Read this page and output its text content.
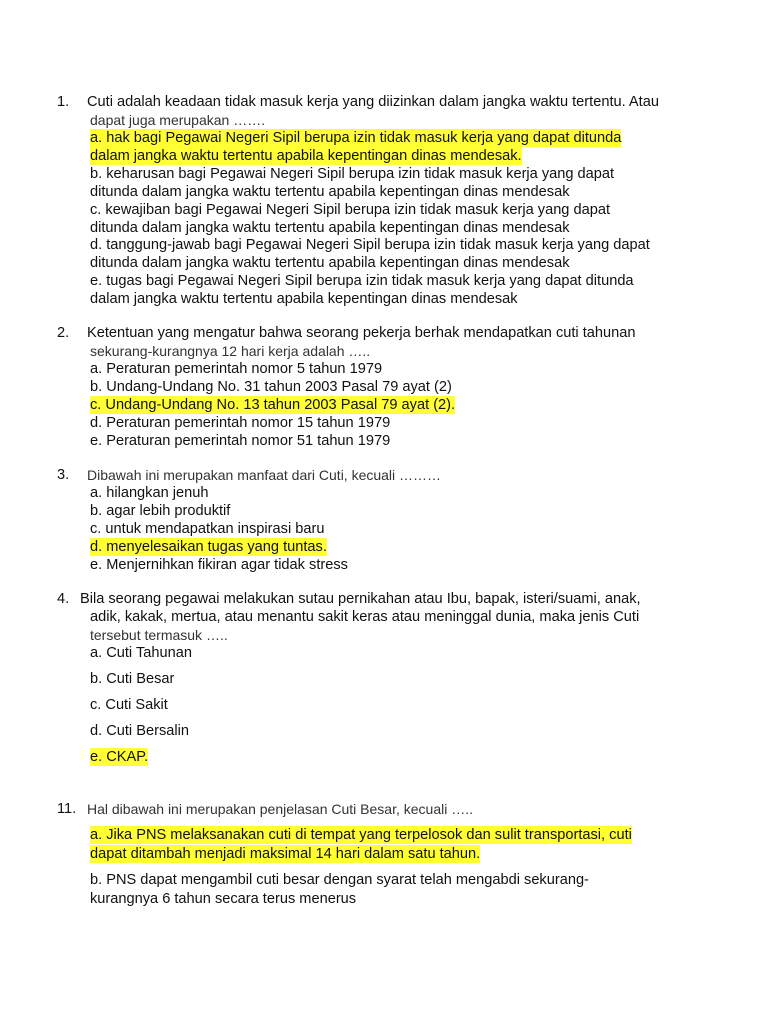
1. Cuti adalah keadaan tidak masuk kerja yang diizinkan dalam jangka waktu tertentu. Atau
dapat juga merupakan …….
a. hak bagi Pegawai Negeri Sipil berupa izin tidak masuk kerja yang dapat ditunda
dalam jangka waktu tertentu apabila kepentingan dinas mendesak.
b. keharusan bagi Pegawai Negeri Sipil berupa izin tidak masuk kerja yang dapat
ditunda dalam jangka waktu tertentu apabila kepentingan dinas mendesak
c. kewajiban bagi Pegawai Negeri Sipil berupa izin tidak masuk kerja yang dapat
ditunda dalam jangka waktu tertentu apabila kepentingan dinas mendesak
d. tanggung-jawab bagi Pegawai Negeri Sipil berupa izin tidak masuk kerja yang dapat
ditunda dalam jangka waktu tertentu apabila kepentingan dinas mendesak
e. tugas bagi Pegawai Negeri Sipil berupa izin tidak masuk kerja yang dapat ditunda
dalam jangka waktu tertentu apabila kepentingan dinas mendesak
2. Ketentuan yang mengatur bahwa seorang pekerja berhak mendapatkan cuti tahunan
sekurang-kurangnya 12 hari kerja adalah …..
a. Peraturan pemerintah nomor 5 tahun 1979
b. Undang-Undang No. 31 tahun 2003 Pasal 79 ayat (2)
c. Undang-Undang No. 13 tahun 2003 Pasal 79 ayat (2).
d. Peraturan pemerintah nomor 15 tahun 1979
e. Peraturan pemerintah nomor 51 tahun 1979
3. Dibawah ini merupakan manfaat dari Cuti, kecuali ………
a. hilangkan jenuh
b. agar lebih produktif
c. untuk mendapatkan inspirasi baru
d. menyelesaikan tugas yang tuntas.
e. Menjernihkan fikiran agar tidak stress
4. Bila seorang pegawai melakukan sutau pernikahan atau Ibu, bapak, isteri/suami, anak,
adik, kakak, mertua, atau menantu sakit keras atau meninggal dunia, maka jenis Cuti
tersebut termasuk …..
a. Cuti Tahunan
b. Cuti Besar
c. Cuti Sakit
d. Cuti Bersalin
e. CKAP.
11. Hal dibawah ini merupakan penjelasan Cuti Besar, kecuali …..
a. Jika PNS melaksanakan cuti di tempat yang terpelosok dan sulit transportasi, cuti
dapat ditambah menjadi maksimal 14 hari dalam satu tahun.
b. PNS dapat mengambil cuti besar dengan syarat telah mengabdi sekurang-
kurangnya 6 tahun secara terus menerus
